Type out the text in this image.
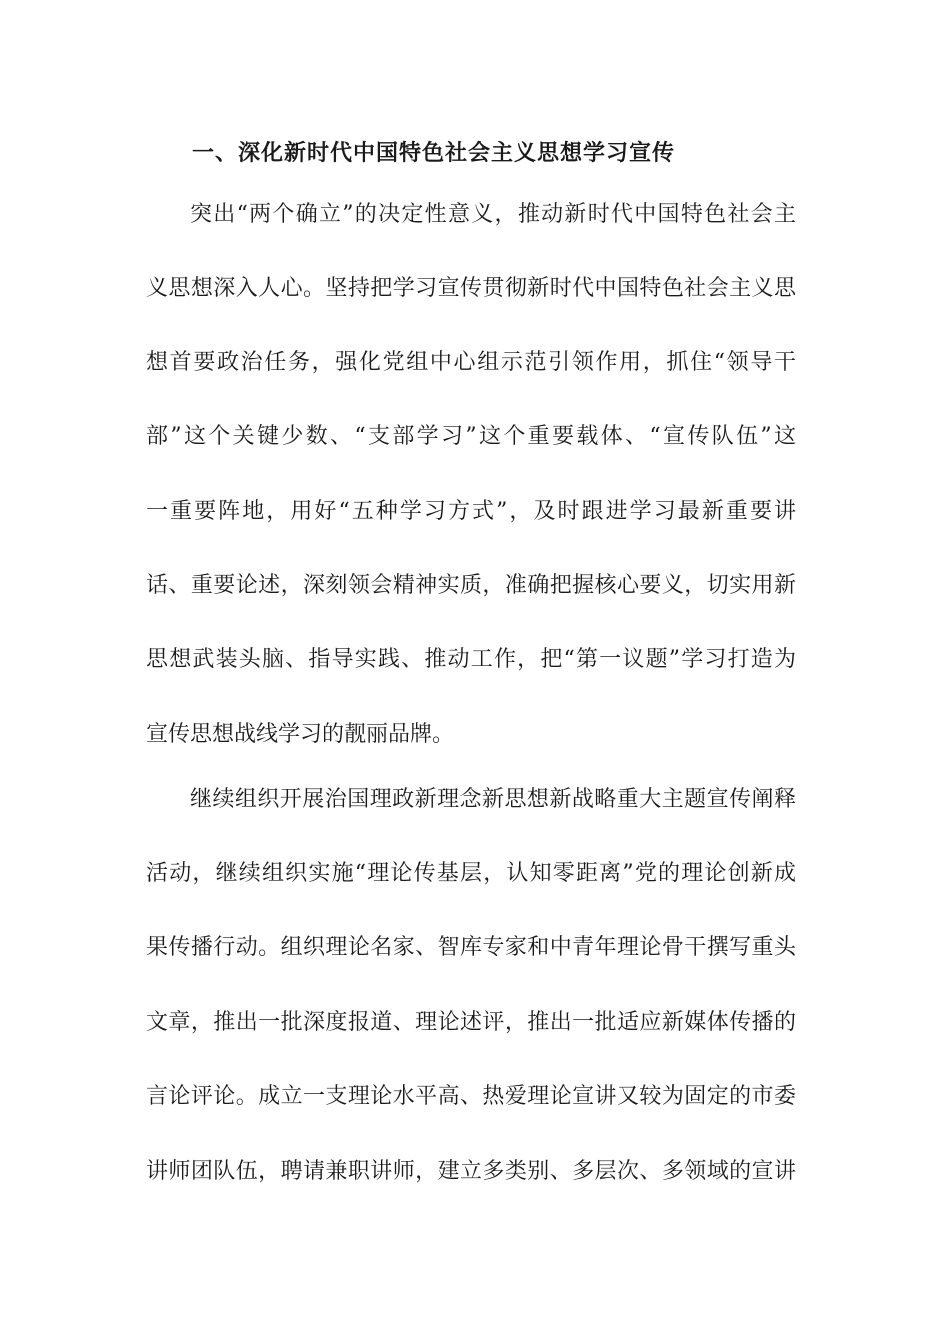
一、深化新时代中国特色社会主义思想学习宣传
突出“两个确立”的决定性意义，推动新时代中国特色社会主
义思想深入人心。坚持把学习宣传贯彻新时代中国特色社会主义思
想首要政治任务，强化党组中心组示范引领作用，抓住“领导干
部”这个关键少数、“支部学习”这个重要载体、“宣传队伍”这
一重要阵地，用好“五种学习方式”，及时跟进学习最新重要讲
话、重要论述，深刻领会精神实质，准确把握核心要义，切实用新
思想武装头脑、指导实践、推动工作，把“第一议题”学习打造为
宣传思想战线学习的靓丽品牌。
继续组织开展治国理政新理念新思想新战略重大主题宣传阐释
活动，继续组织实施“理论传基层，认知零距离”党的理论创新成
果传播行动。组织理论名家、智库专家和中青年理论骨干撰写重头
文章，推出一批深度报道、理论述评，推出一批适应新媒体传播的
言论评论。成立一支理论水平高、热爱理论宣讲又较为固定的市委
讲师团队伍，聘请兼职讲师，建立多类别、多层次、多领域的宣讲
